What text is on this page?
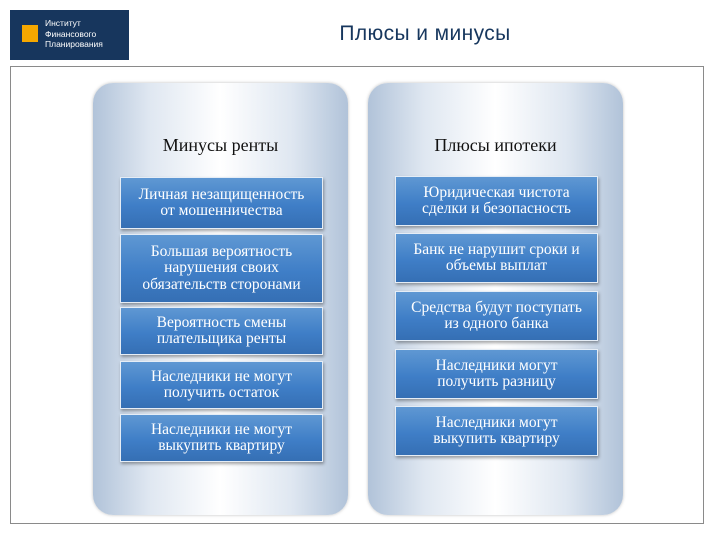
Институт
Финансового
Планирования	Плюсы и минусы
Минусы ренты
Личная незащищенность
от мошенничества
Большая вероятность
нарушения своих
обязательств сторонами
Вероятность смены
плательщика ренты
Наследники не могут
получить остаток
Наследники не могут
выкупить квартиру
Плюсы ипотеки
Юридическая чистота
сделки и безопасность
Банк не нарушит сроки и
объемы выплат
Средства будут поступать
из одного банка
Наследники могут
получить разницу
Наследники могут
выкупить квартиру
